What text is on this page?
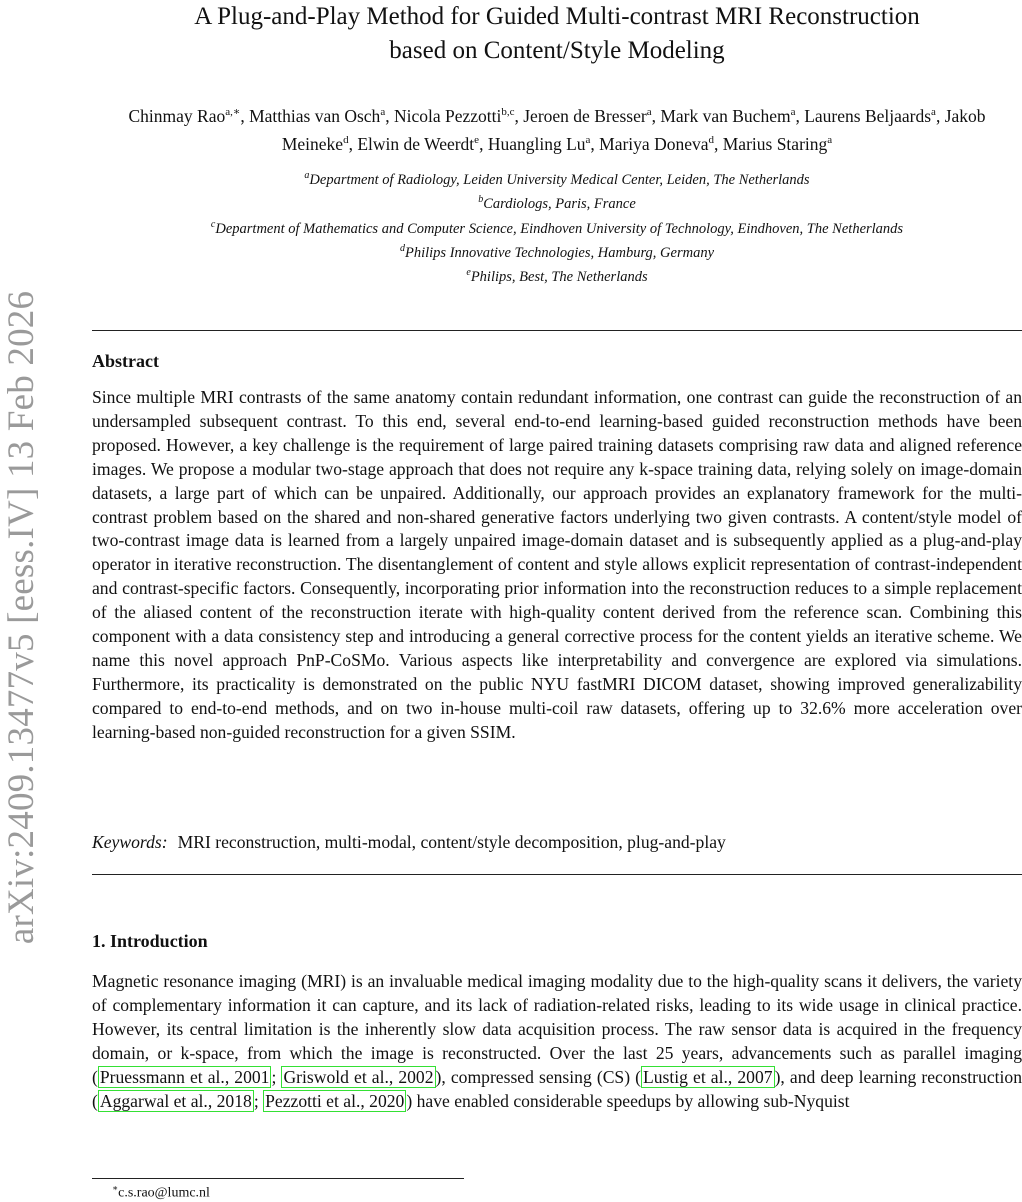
arXiv:2409.13477v5 [eess.IV] 13 Feb 2026
A Plug-and-Play Method for Guided Multi-contrast MRI Reconstruction
based on Content/Style Modeling
Chinmay Rao$^{a,∗}$, Matthias van Osch$^a$, Nicola Pezzotti$^{b,c}$, Jeroen de Bresser$^a$, Mark van Buchem$^a$, Laurens Beljaards$^a$, Jakob Meineke$^d$, Elwin de Weerdt$^e$, Huangling Lu$^a$, Mariya Doneva$^d$, Marius Staring$^a$
$^a$Department of Radiology, Leiden University Medical Center, Leiden, The Netherlands
$^b$Cardiologs, Paris, France
$^c$Department of Mathematics and Computer Science, Eindhoven University of Technology, Eindhoven, The Netherlands
$^d$Philips Innovative Technologies, Hamburg, Germany
$^e$Philips, Best, The Netherlands
Abstract
Since multiple MRI contrasts of the same anatomy contain redundant information, one contrast can guide the reconstruction of an undersampled subsequent contrast. To this end, several end-to-end learning-based guided reconstruction methods have been proposed. However, a key challenge is the requirement of large paired training datasets comprising raw data and aligned reference images. We propose a modular two-stage approach that does not require any k-space training data, relying solely on image-domain datasets, a large part of which can be unpaired. Additionally, our approach provides an explanatory framework for the multi-contrast problem based on the shared and non-shared generative factors underlying two given contrasts. A content/style model of two-contrast image data is learned from a largely unpaired image-domain dataset and is subsequently applied as a plug-and-play operator in iterative reconstruction. The disentanglement of content and style allows explicit representation of contrast-independent and contrast-specific factors. Consequently, incorporating prior information into the reconstruction reduces to a simple replacement of the aliased content of the reconstruction iterate with high-quality content derived from the reference scan. Combining this component with a data consistency step and introducing a general corrective process for the content yields an iterative scheme. We name this novel approach PnP-CoSMo. Various aspects like interpretability and convergence are explored via simulations. Furthermore, its practicality is demonstrated on the public NYU fastMRI DICOM dataset, showing improved generalizability compared to end-to-end methods, and on two in-house multi-coil raw datasets, offering up to 32.6% more acceleration over learning-based non-guided reconstruction for a given SSIM.
Keywords: MRI reconstruction, multi-modal, content/style decomposition, plug-and-play
1. Introduction
Magnetic resonance imaging (MRI) is an invaluable medical imaging modality due to the high-quality scans it delivers, the variety of complementary information it can capture, and its lack of radiation-related risks, leading to its wide usage in clinical practice. However, its central limitation is the inherently slow data acquisition process. The raw sensor data is acquired in the frequency domain, or k-space, from which the image is reconstructed. Over the last 25 years, advancements such as parallel imaging ( Pruessmann et al., 2001 ; Griswold et al., 2002 ), compressed sensing (CS) ( Lustig et al., 2007 ), and deep learning reconstruction ( Aggarwal et al., 2018 ; Pezzotti et al., 2020 ) have enabled considerable speedups by allowing sub-Nyquist
∗c.s.rao@lumc.nl
